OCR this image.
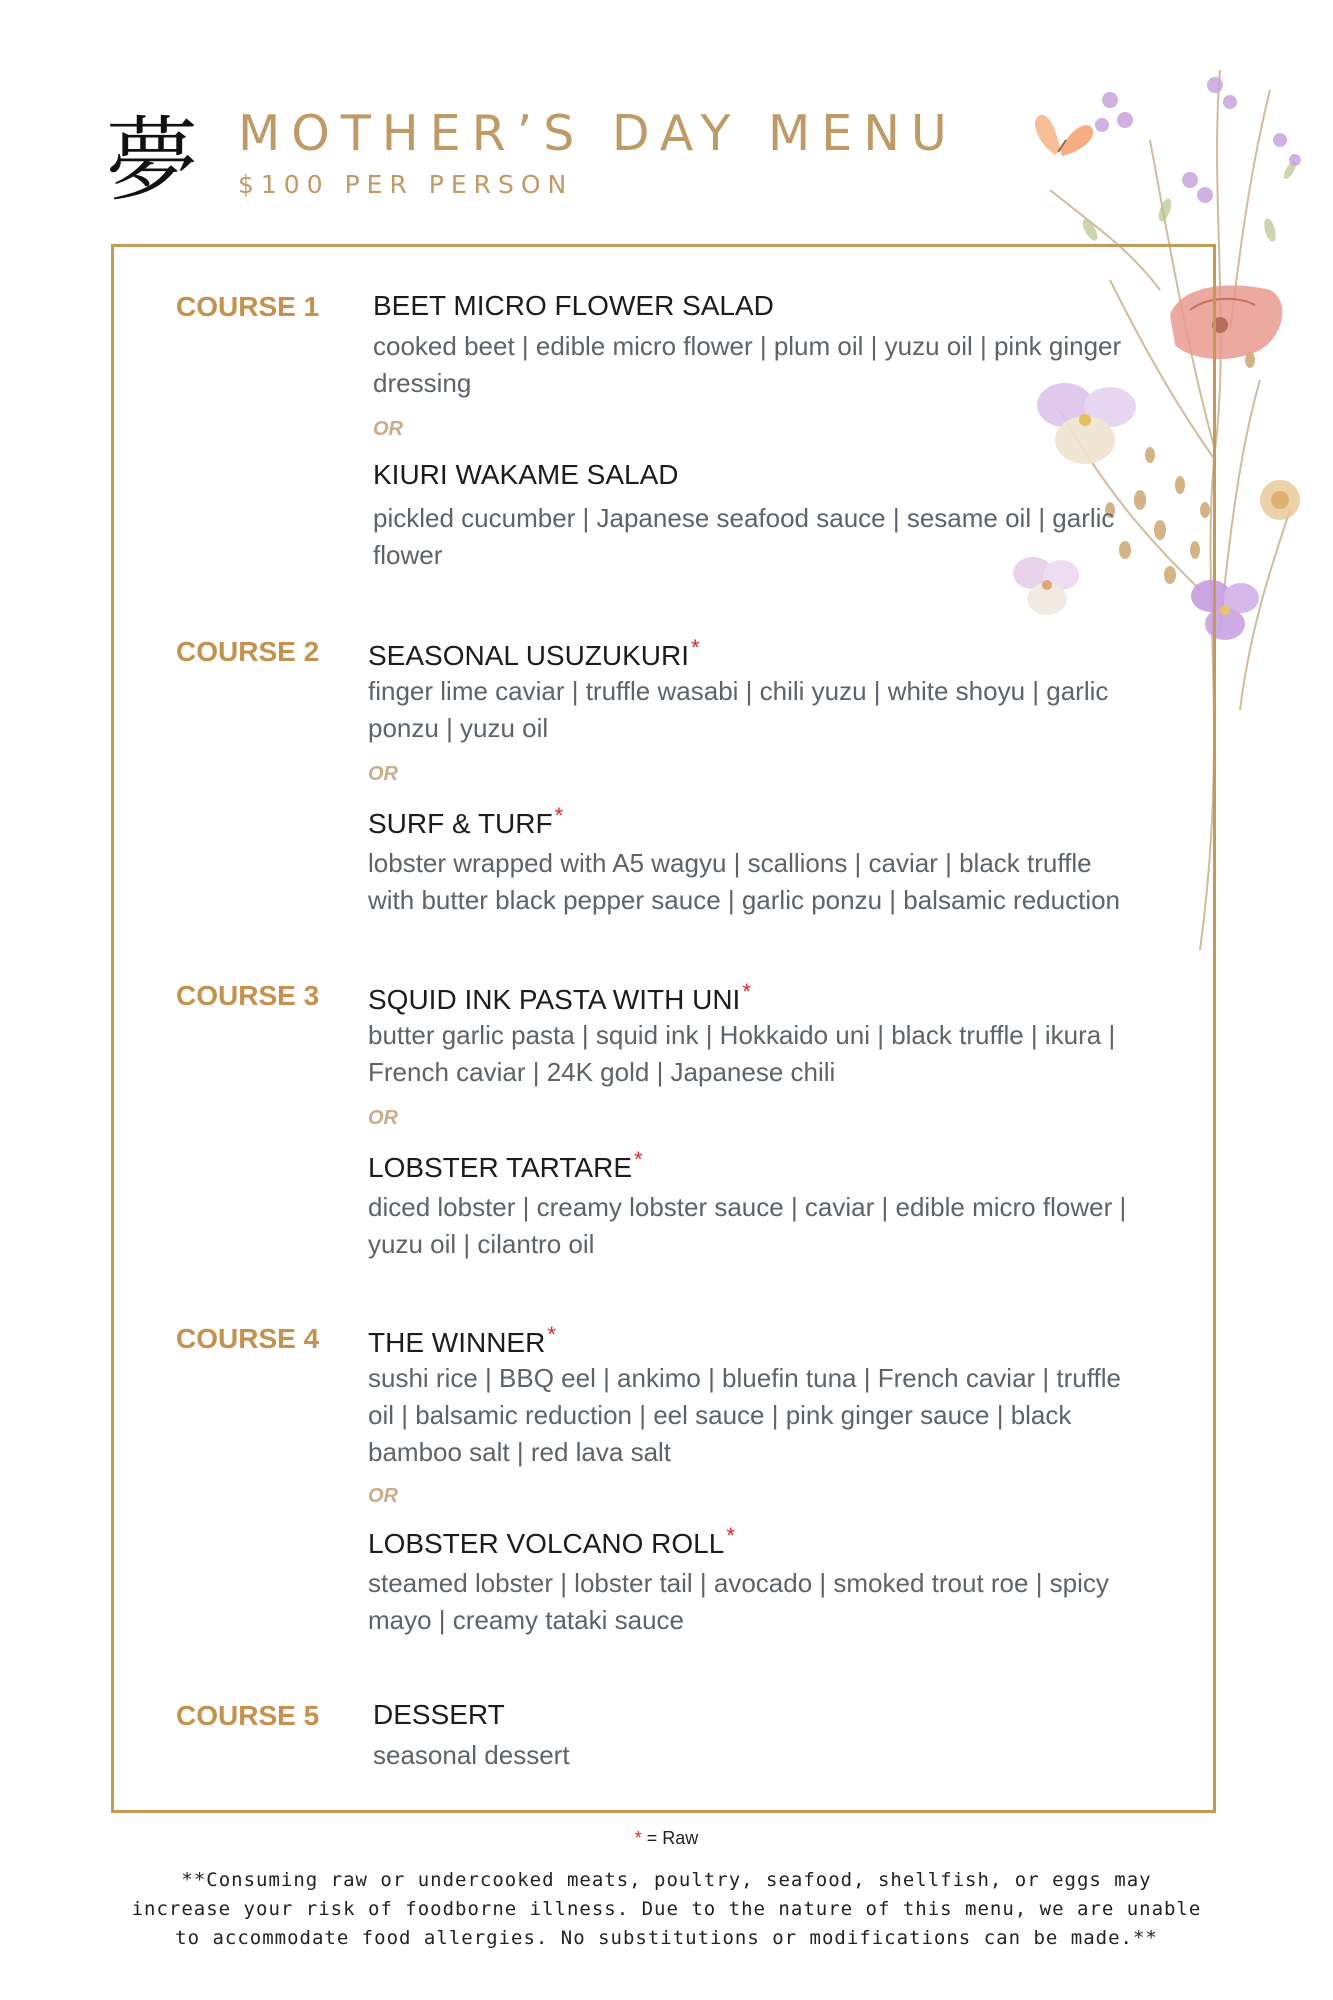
夢 MOTHER’S DAY MENU
$100 PER PERSON
COURSE 1 BEET MICRO FLOWER SALAD
cooked beet | edible micro flower | plum oil | yuzu oil | pink ginger dressing
OR
KIURI WAKAME SALAD
pickled cucumber | Japanese seafood sauce | sesame oil | garlic flower
COURSE 2 SEASONAL USUZUKURI*
finger lime caviar | truffle wasabi | chili yuzu | white shoyu | garlic ponzu | yuzu oil
OR
SURF & TURF*
lobster wrapped with A5 wagyu | scallions | caviar | black truffle with butter black pepper sauce | garlic ponzu | balsamic reduction
COURSE 3 SQUID INK PASTA WITH UNI*
butter garlic pasta | squid ink | Hokkaido uni | black truffle | ikura | French caviar | 24K gold | Japanese chili
OR
LOBSTER TARTARE*
diced lobster | creamy lobster sauce | caviar | edible micro flower | yuzu oil | cilantro oil
COURSE 4 THE WINNER*
sushi rice | BBQ eel | ankimo | bluefin tuna | French caviar | truffle oil | balsamic reduction | eel sauce | pink ginger sauce | black bamboo salt | red lava salt
OR
LOBSTER VOLCANO ROLL*
steamed lobster | lobster tail | avocado | smoked trout roe | spicy mayo | creamy tataki sauce
COURSE 5 DESSERT
seasonal dessert
* = Raw
**Consuming raw or undercooked meats, poultry, seafood, shellfish, or eggs may increase your risk of foodborne illness. Due to the nature of this menu, we are unable to accommodate food allergies. No substitutions or modifications can be made.**
